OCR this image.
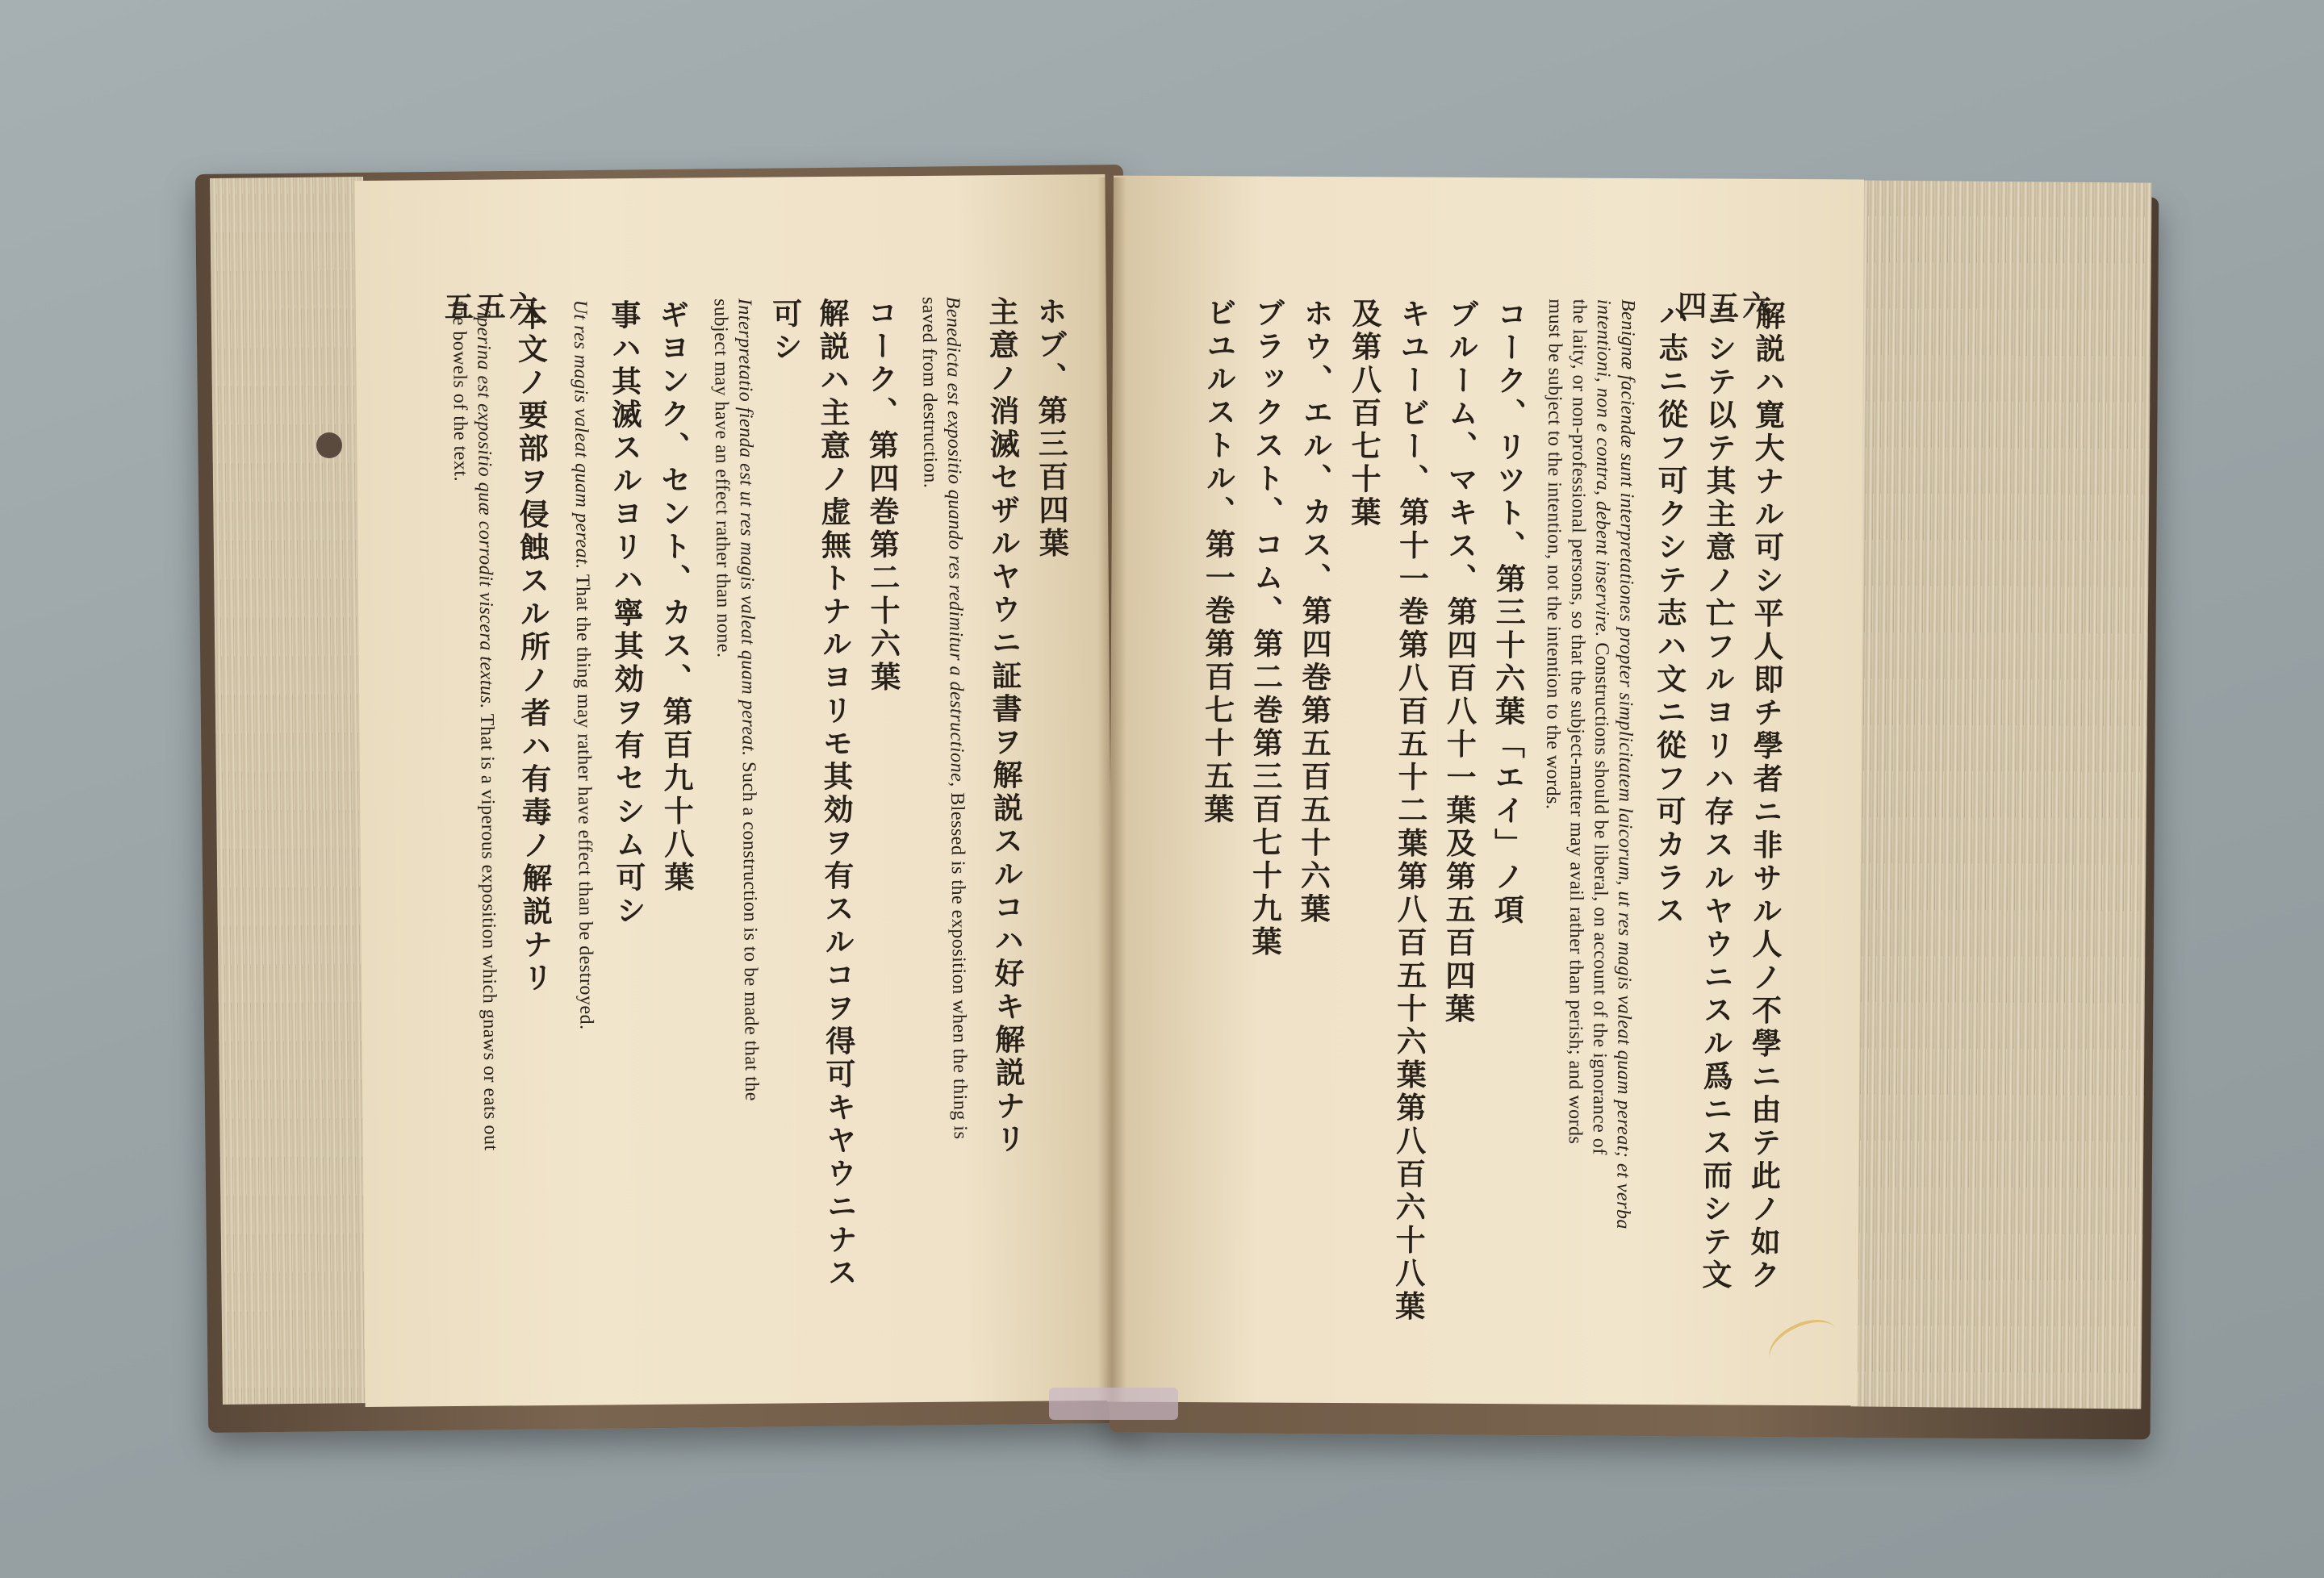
五五六	ホブ、第三百四葉
主意ノ消滅セザルヤウニ証書ヲ解説スルコハ好キ解説ナリ
Benedicta est expositio quando res redimitur a destructione, Blessed is the exposition when the thing is
saved from destruction.
コーク、第四巻第二十六葉
解説ハ主意ノ虚無トナルヨリモ其効ヲ有スルコヲ得可キヤウニナス
可シ
Interpretatio fienda est ut res magis valeat quam pereat. Such a construction is to be made that the
subject may have an effect rather than none.
ギヨンク、セント、カス、第百九十八葉
事ハ其滅スルヨリハ寧其効ヲ有セシム可シ
Ut res magis valeat quam pereat. That the thing may rather have effect than be destroyed.
本文ノ要部ヲ侵蝕スル所ノ者ハ有毒ノ解説ナリ
Viperina est expositio quæ corrodit viscera textus. That is a viperous exposition which gnaws or eats out
the bowels of the text.	四五六
解説ハ寛大ナル可シ平人即チ學者ニ非サル人ノ不學ニ由テ此ノ如ク
ニシテ以テ其主意ノ亡フルヨリハ存スルヤウニスル爲ニス而シテ文
ハ志ニ從フ可クシテ志ハ文ニ從フ可カラス
Benignæ faciendæ sunt interpretationes propter simplicitatem laicorum, ut res magis valeat quam pereat; et verba
intentioni, non e contra, debent inservire. Constructions should be liberal, on account of the ignorance of
the laity, or non-professional persons, so that the subject-matter may avail rather than perish; and words
must be subject to the intention, not the intention to the words.
コーク、リツト、第三十六葉「エイ」ノ項
ブルーム、マキス、第四百八十一葉及第五百四葉
キユービー、第十一巻第八百五十二葉第八百五十六葉第八百六十八葉
及第八百七十葉
ホウ、エル、カス、第四巻第五百五十六葉
ブラックスト、コム、第二巻第三百七十九葉
ビユルストル、第一巻第百七十五葉
